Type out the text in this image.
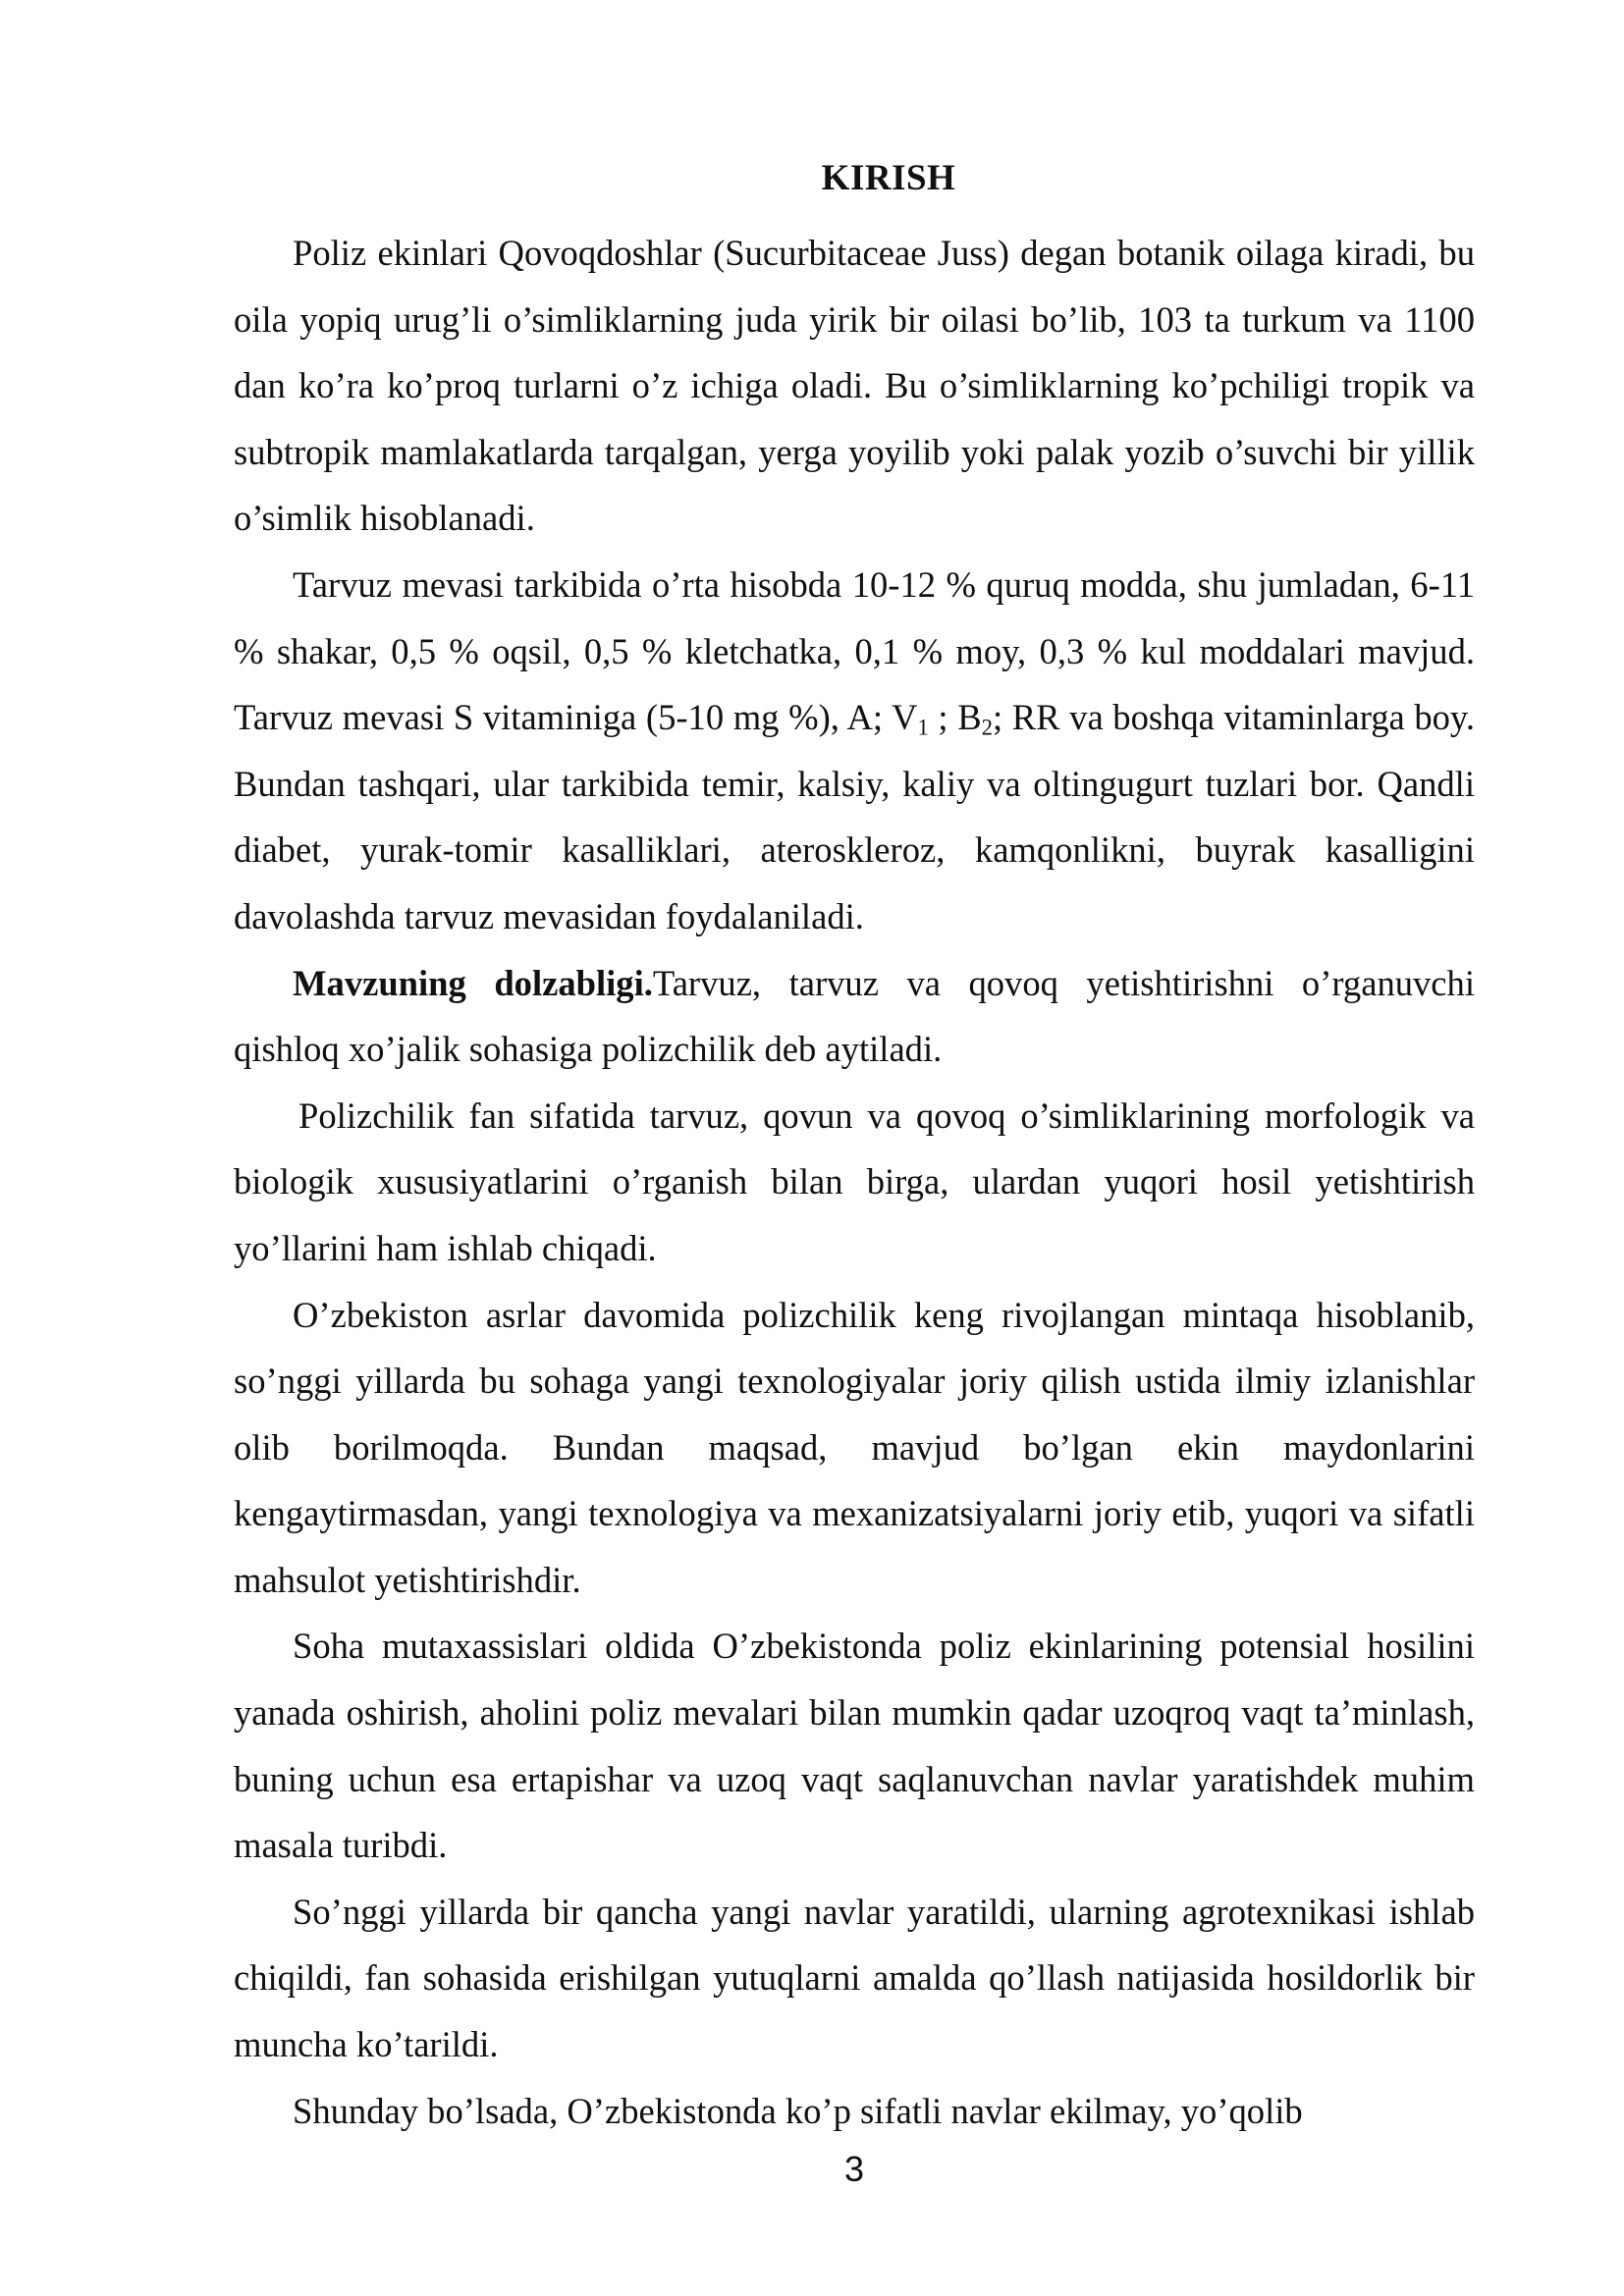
KIRISH

Poliz ekinlari Qovoqdoshlar (Sucurbitaceae Juss) degan botanik oilaga kiradi, bu oila yopiq urug’li o’simliklarning juda yirik bir oilasi bo’lib, 103 ta turkum va 1100 dan ko’ra ko’proq turlarni o’z ichiga oladi. Bu o’simliklarning ko’pchiligi tropik va subtropik mamlakatlarda tarqalgan, yerga yoyilib yoki palak yozib o’suvchi bir yillik o’simlik hisoblanadi.

Tarvuz mevasi tarkibida o’rta hisobda 10-12 % quruq modda, shu jumladan, 6-11 % shakar, 0,5 % oqsil, 0,5 % kletchatka, 0,1 % moy, 0,3 % kul moddalari mavjud. Tarvuz mevasi S vitaminiga (5-10 mg %), A; $V_1$ ; $B_2$; RR va boshqa vitaminlarga boy. Bundan tashqari, ular tarkibida temir, kalsiy, kaliy va oltingugurt tuzlari bor. Qandli diabet, yurak-tomir kasalliklari, ateroskleroz, kamqonlikni, buyrak kasalligini davolashda tarvuz mevasidan foydalaniladi.

Mavzuning dolzabligi.Tarvuz, tarvuz va qovoq yetishtirishni o’rganuvchi qishloq xo’jalik sohasiga polizchilik deb aytiladi.

Polizchilik fan sifatida tarvuz, qovun va qovoq o’simliklarining morfologik va biologik xususiyatlarini o’rganish bilan birga, ulardan yuqori hosil yetishtirish yo’llarini ham ishlab chiqadi.

O’zbekiston asrlar davomida polizchilik keng rivojlangan mintaqa hisoblanib, so’nggi yillarda bu sohaga yangi texnologiyalar joriy qilish ustida ilmiy izlanishlar olib borilmoqda. Bundan maqsad, mavjud bo’lgan ekin maydonlarini kengaytirmasdan, yangi texnologiya va mexanizatsiyalarni joriy etib, yuqori va sifatli mahsulot yetishtirishdir.

Soha mutaxassislari oldida O’zbekistonda poliz ekinlarining potensial hosilini yanada oshirish, aholini poliz mevalari bilan mumkin qadar uzoqroq vaqt ta’minlash, buning uchun esa ertapishar va uzoq vaqt saqlanuvchan navlar yaratishdek muhim masala turibdi.

So’nggi yillarda bir qancha yangi navlar yaratildi, ularning agrotexnikasi ishlab chiqildi, fan sohasida erishilgan yutuqlarni amalda qo’llash natijasida hosildorlik bir muncha ko’tarildi.

Shunday bo’lsada, O’zbekistonda ko’p sifatli navlar ekilmay, yo’qolib

3
